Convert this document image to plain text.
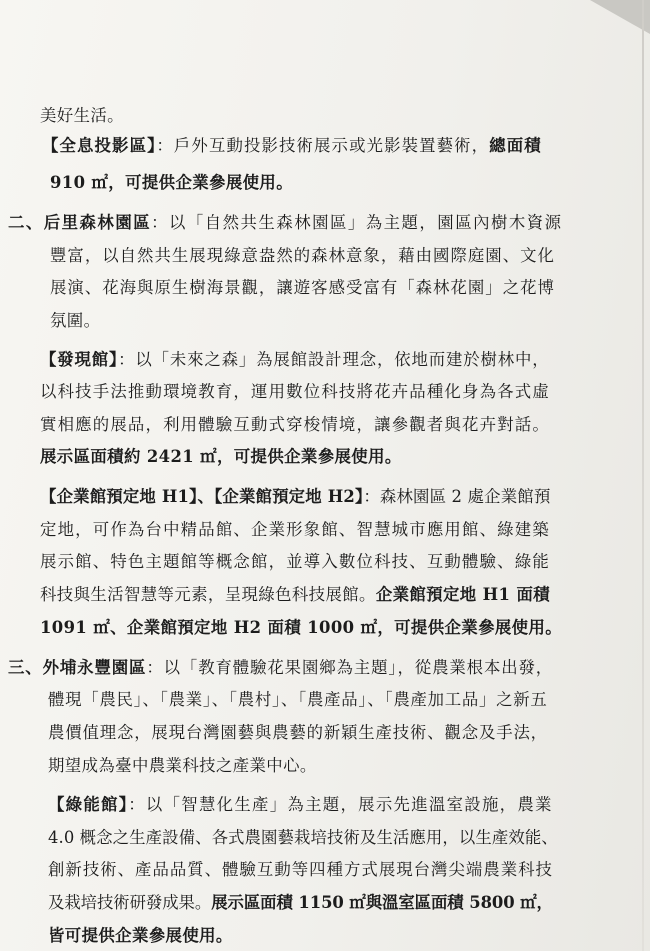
美好生活。
【全息投影區】：戶外互動投影技術展示或光影裝置藝術，總面積
910 ㎡，可提供企業參展使用。
二、后里森林園區：以「自然共生森林園區」為主題，園區內樹木資源
豐富，以自然共生展現綠意盎然的森林意象，藉由國際庭園、文化
展演、花海與原生樹海景觀，讓遊客感受富有「森林花園」之花博
氛圍。
【發現館】：以「未來之森」為展館設計理念，依地而建於樹林中，
以科技手法推動環境教育，運用數位科技將花卉品種化身為各式虛
實相應的展品，利用體驗互動式穿梭情境，讓參觀者與花卉對話。
展示區面積約 2421 ㎡，可提供企業參展使用。
【企業館預定地 H1】、【企業館預定地 H2】：森林園區 2 處企業館預
定地，可作為台中精品館、企業形象館、智慧城市應用館、綠建築
展示館、特色主題館等概念館，並導入數位科技、互動體驗、綠能
科技與生活智慧等元素，呈現綠色科技展館。企業館預定地 H1 面積
1091 ㎡、企業館預定地 H2 面積 1000 ㎡，可提供企業參展使用。
三、外埔永豐園區：以「教育體驗花果園鄉為主題」，從農業根本出發，
體現「農民」、「農業」、「農村」、「農產品」、「農產加工品」之新五
農價值理念，展現台灣園藝與農藝的新穎生產技術、觀念及手法，
期望成為臺中農業科技之產業中心。
【綠能館】：以「智慧化生產」為主題，展示先進溫室設施，農業
4.0 概念之生產設備、各式農園藝栽培技術及生活應用，以生產效能、
創新技術、產品品質、體驗互動等四種方式展現台灣尖端農業科技
及栽培技術研發成果。展示區面積 1150 ㎡與溫室區面積 5800 ㎡，
皆可提供企業參展使用。
